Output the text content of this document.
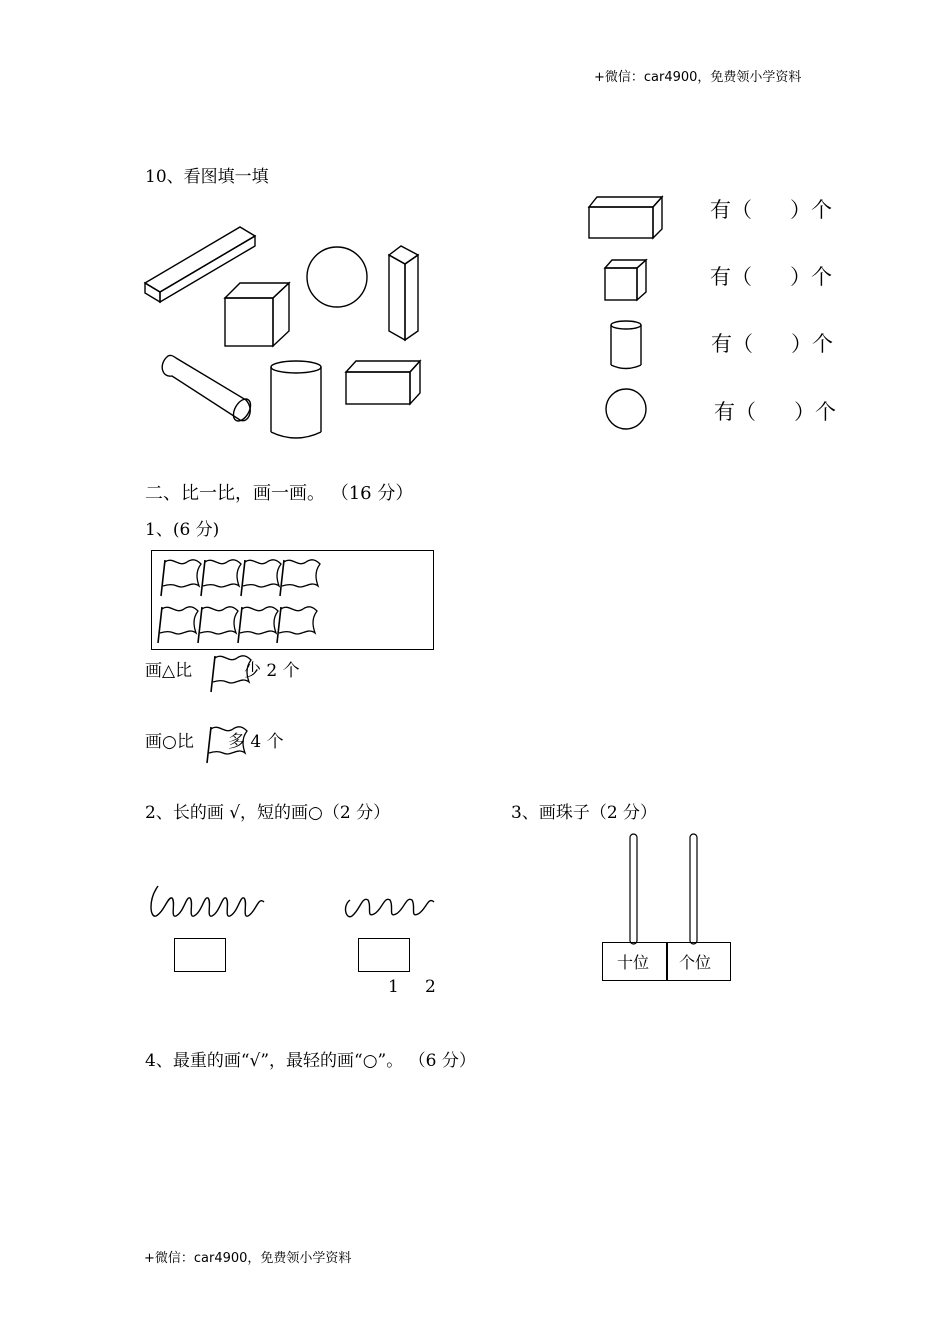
+微信：car4900，免费领小学资料
10、看图填一填
有（ ）个
有（ ）个
有（ ）个
有（ ）个
二、比一比，画一画。 （16 分）
1、(6 分)
画△比	少 2 个
画○比 多 4 个
2、长的画 √，短的画○（2 分）
1 2
3、画珠子（2 分）
十位	个位
4、最重的画“√”，最轻的画“○”。 （6 分）
+微信：car4900，免费领小学资料
